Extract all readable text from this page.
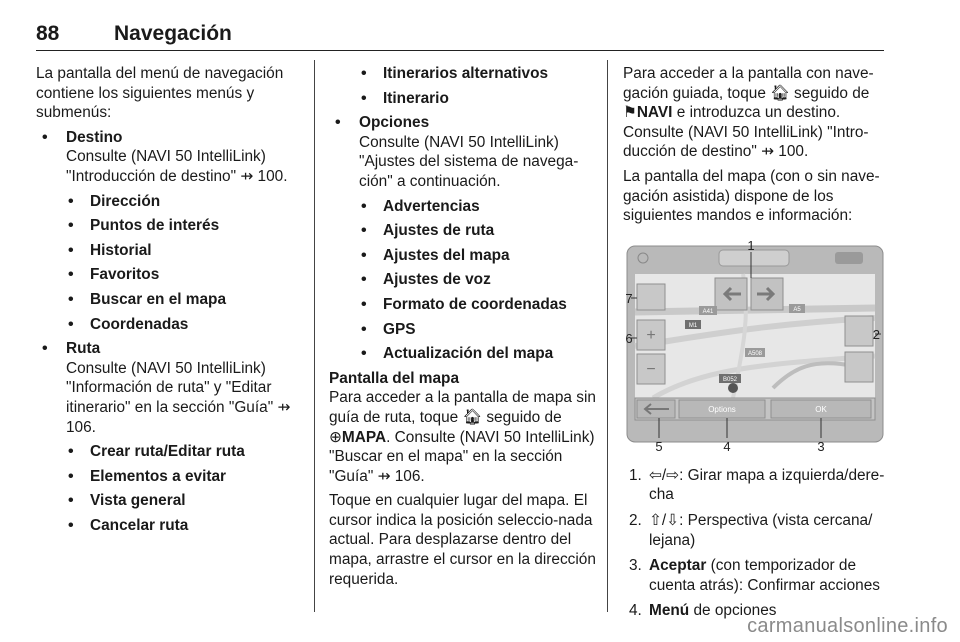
88	Navegación

La pantalla del menú de navegación contiene los siguientes menús y submenús:

• Destino

Consulte (NAVI 50 IntelliLink) "Introducción de destino" ⇸ 100.

• Dirección

• Puntos de interés

• Historial

• Favoritos

• Buscar en el mapa

• Coordenadas

• Ruta

Consulte (NAVI 50 IntelliLink) "Información de ruta" y "Editar itinerario" en la sección "Guía" ⇸ 106.

• Crear ruta/Editar ruta

• Elementos a evitar

• Vista general

• Cancelar ruta

• Itinerarios alternativos

• Itinerario

• Opciones

Consulte (NAVI 50 IntelliLink) "Ajustes del sistema de navega‐ción" a continuación.

• Advertencias

• Ajustes de ruta

• Ajustes del mapa

• Ajustes de voz

• Formato de coordenadas

• GPS

• Actualización del mapa

Pantalla del mapa

Para acceder a la pantalla de mapa sin guía de ruta, toque 🏠︎ seguido de ⊕MAPA. Consulte (NAVI 50 IntelliLink) "Buscar en el mapa" en la sección "Guía" ⇸ 106.

Toque en cualquier lugar del mapa. El cursor indica la posición seleccio‐nada actual. Para desplazarse dentro del mapa, arrastre el cursor en la dirección requerida.

Para acceder a la pantalla con nave‐gación guiada, toque 🏠︎ seguido de ⚑NAVI e introduzca un destino. Consulte (NAVI 50 IntelliLink) "Intro‐ducción de destino" ⇸ 100.

La pantalla del mapa (con o sin nave‐gación asistida) dispone de los siguientes mandos e información:

+
−
A41	A5
M1
B052
A508
Options	OK
1
2
3
4
5
6
7

1. ⇦/⇨: Girar mapa a izquierda/dere‐cha

2. ⇧/⇩: Perspectiva (vista cercana/ lejana)

3. Aceptar (con temporizador de cuenta atrás): Confirmar acciones

4. Menú de opciones

carmanualsonline.info
